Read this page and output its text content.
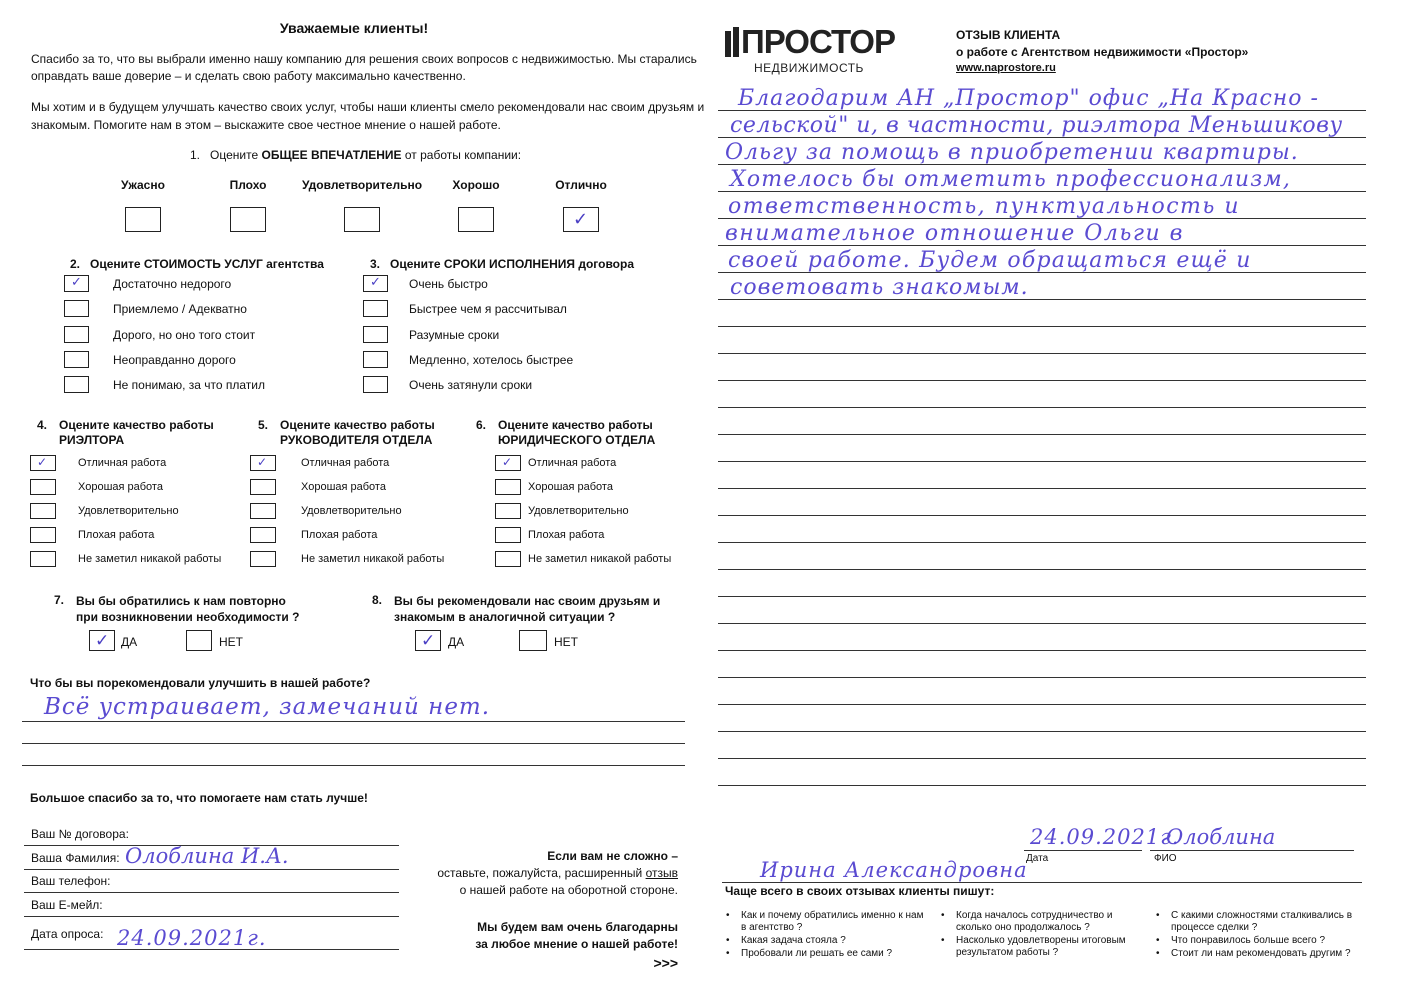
Уважаемые клиенты!
Спасибо за то, что вы выбрали именно нашу компанию для решения своих вопросов с недвижимостью. Мы старались
оправдать ваше доверие – и сделать свою работу максимально качественно.
Мы хотим и в будущем улучшать качество своих услуг, чтобы наши клиенты смело рекомендовали нас своим друзьям и
знакомым. Помогите нам в этом – выскажите свое честное мнение о нашей работе.
1. Оцените ОБЩЕЕ ВПЕЧАТЛЕНИЕ от работы компании:
Ужасно	Плохо	Удовлетворительно	Хорошо	Отлично
✓
2. Оцените СТОИМОСТЬ УСЛУГ агентства	3. Оцените СРОКИ ИСПОЛНЕНИЯ договора
✓	Достаточно недорого
Приемлемо / Адекватно
Дорого, но оно того стоит
Неоправданно дорого
Не понимаю, за что платил
✓ Очень быстро
Быстрее чем я рассчитывал
Разумные сроки
Медленно, хотелось быстрее
Очень затянули сроки
4. Оцените качество работы
РИЭЛТОРА
5. Оцените качество работы
РУКОВОДИТЕЛЯ ОТДЕЛА
6. Оцените качество работы
ЮРИДИЧЕСКОГО ОТДЕЛА
✓	Отличная работа
Хорошая работа
Удовлетворительно
Плохая работа
Не заметил никакой работы
✓	Отличная работа
Хорошая работа
Удовлетворительно
Плохая работа
Не заметил никакой работы
✓ Отличная работа
Хорошая работа
Удовлетворительно
Плохая работа
Не заметил никакой работы
7. Вы бы обратились к нам повторно
при возникновении необходимости ?
8. Вы бы рекомендовали нас своим друзьям и
знакомым в аналогичной ситуации ?
✓ ДА	НЕТ	✓ ДА	НЕТ
Что бы вы порекомендовали улучшить в нашей работе?
Всё устраивает, замечаний нет.
Большое спасибо за то, что помогаете нам стать лучше!
Ваш № договора:
Ваша Фамилия: Олоблина И.А.
Ваш телефон:
Ваш Е-мейл:
Дата опроса: 24.09.2021г.
Если вам не сложно –
оставьте, пожалуйста, расширенный отзыв
о нашей работе на оборотной стороне.
Мы будем вам очень благодарны
за любое мнение о нашей работе!
>>>
ПРОСТОР
НЕДВИЖИМОСТЬ
ОТЗЫВ КЛИЕНТА
о работе с Агентством недвижимости «Простор»
www.naprostore.ru
Благодарим АН „Простор" офис „На Красно -
сельской" и, в частности, риэлтора Меньшикову
Ольгу за помощь в приобретении квартиры.
Хотелось бы отметить профессионализм,
ответственность, пунктуальность и
внимательное отношение Ольги в
своей работе. Будем обращаться ещё и
советовать знакомым.
24.09.2021г.
Олоблина
Дата	ФИО
Ирина Александровна
Чаще всего в своих отзывах клиенты пишут:
• Как и почему обратились именно к нам в агентство ?
• Какая задача стояла ?
• Пробовали ли решать ее сами ?
• Когда началось сотрудничество и сколько оно продолжалось ?
• Насколько удовлетворены итоговым результатом работы ?
• С какими сложностями сталкивались в процессе сделки ?
• Что понравилось больше всего ?
• Стоит ли нам рекомендовать другим ?
